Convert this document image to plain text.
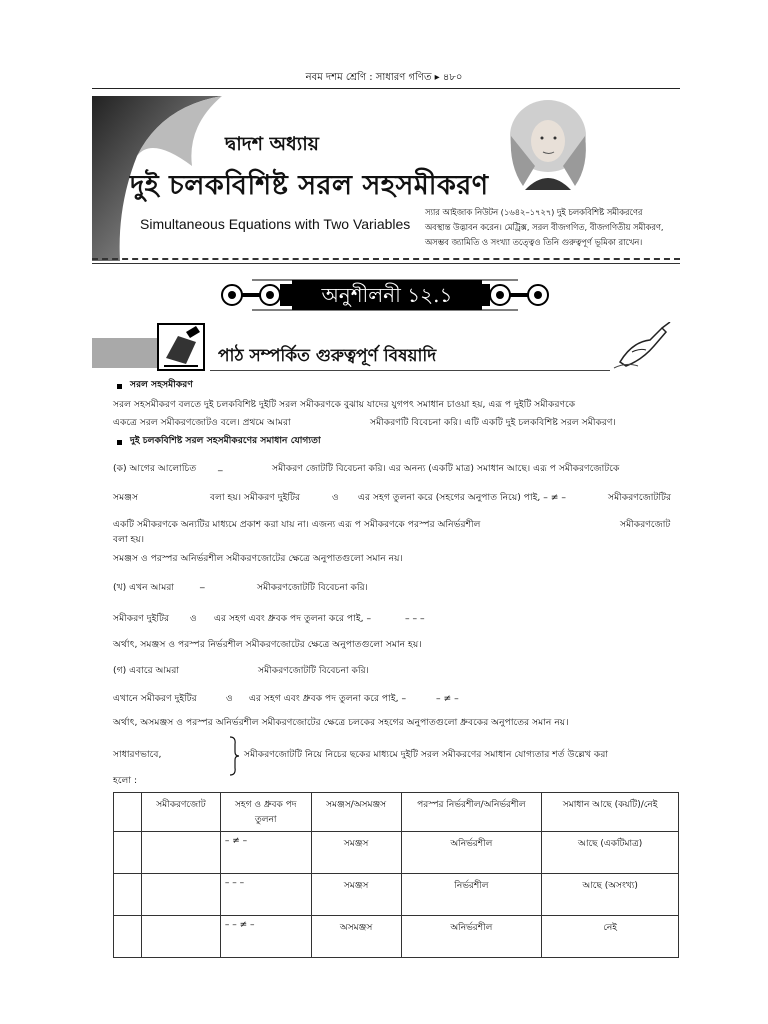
নবম দশম শ্রেণি : সাধারণ গণিত ▸ ৪৮০
দ্বাদশ অধ্যায়
দুই চলকবিশিষ্ট সরল সহসমীকরণ
Simultaneous Equations with Two Variables
স্যার আইজাক নিউটন (১৬৪২–১৭২৭) দুই চলকবিশিষ্ট সমীকরণের
অবস্থান্ত উদ্ভাবন করেন। মেট্রিক্স, সরল বীজগণিত, বীজগণিতীয় সমীকরণ,
অসম্ভব জ্যামিতি ও সংখ্যা তত্ত্বেও তিনি গুরুত্বপূর্ণ ভূমিকা রাখেন।
অনুশীলনী ১২.১
পাঠ সম্পর্কিত গুরুত্বপূর্ণ বিষয়াদি
সরল সহসমীকরণ
সরল সহসমীকরণ বলতে দুই চলকবিশিষ্ট দুইটি সরল সমীকরণকে বুঝায় যাদের যুগপৎ সমাধান চাওয়া হয়, এরূ প দুইটি সমীকরণকে
একত্রে সরল সমীকরণজোটও বলে। প্রথমে আমরা	সমীকরণটি বিবেচনা করি। এটি একটি দুই চলকবিশিষ্ট সরল সমীকরণ।
দুই চলকবিশিষ্ট সরল সহসমীকরণের সমাধান যোগ্যতা
(ক) আগের আলোচিত _	সমীকরণ জোটটি বিবেচনা করি। এর অনন্য (একটি মাত্র) সমাধান আছে। এরূ প সমীকরণজোটকে
সমঞ্জস	বলা হয়। সমীকরণ দুইটির	ও এর সহগ তুলনা করে (সহগের অনুপাত নিয়ে) পাই, – ≠ –	সমীকরণজোটটির
একটি সমীকরণকে অন্যটির মাধ্যমে প্রকাশ করা যায় না। এজন্য এরূ প সমীকরণকে পরস্পর অনির্ভরশীল	সমীকরণজোট
বলা হয়।
সমঞ্জস ও পরস্পর অনির্ভরশীল সমীকরণজোটের ক্ষেত্রে অনুপাতগুলো সমান নয়।
(খ) এখন আমরা	_	সমীকরণজোটটি বিবেচনা করি।
সমীকরণ দুইটির ও এর সহগ এবং ধ্রুবক পদ তুলনা করে পাই, –	– – –
অর্থাৎ, সমঞ্জস ও পরস্পর নির্ভরশীল সমীকরণজোটের ক্ষেত্রে অনুপাতগুলো সমান হয়।
(গ) এবারে আমরা	সমীকরণজোটটি বিবেচনা করি।
এখানে সমীকরণ দুইটির	ও এর সহগ এবং ধ্রুবক পদ তুলনা করে পাই, –	– ≠ –
অর্থাৎ, অসমঞ্জস ও পরস্পর অনির্ভরশীল সমীকরণজোটের ক্ষেত্রে চলকের সহগের অনুপাতগুলো ধ্রুবকের অনুপাতের সমান নয়।
সাধারণভাবে,	সমীকরণজোটটি নিয়ে নিচের ছকের মাধ্যমে দুইটি সরল সমীকরণের সমাধান যোগ্যতার শর্ত উল্লেখ করা
হলো :
	সমীকরণজোট	সহগ ও ধ্রুবক পদ তুলনা	সমঞ্জস/অসমঞ্জস	পরস্পর নির্ভরশীল/অনির্ভরশীল	সমাধান আছে (কয়টি)/নেই
		– ≠ –	সমঞ্জস	অনির্ভরশীল	আছে (একটিমাত্র)
		– – –	সমঞ্জস	নির্ভরশীল	আছে (অসংখ্য)
		– – ≠ –	অসমঞ্জস	অনির্ভরশীল	নেই
